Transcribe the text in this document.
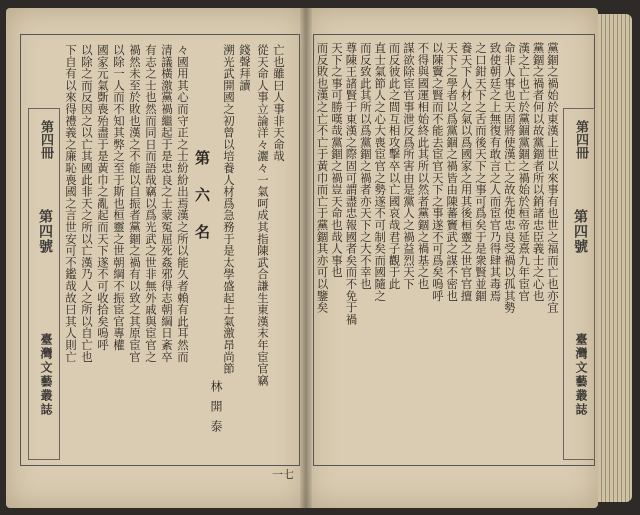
第四冊
第四號
臺灣文藝叢誌
第六名
林開泰
一七
第四冊
第四號
臺灣文藝叢誌
亡也雖曰人事非天命哉
從天命人事立論洋々灑々一氣呵成其指陳武合謙生東漢末年宦官竊
錢聲拜讀
溯光武開國之初曾以培養人材爲急務于是太學盛起士氣激昂尚節
々國用其心而守正之士紛紛出焉漢之所以能久者賴有此耳然而
清議橫激黨禍繼起于是忠良之士蒙冤屈死姦邪得志朝綱日紊卒
有志之士也然而同日而語哉竊以爲光武之世非無外戚與宦官之
禍然未至於敗也漢之不能以自振者黨錮之禍有以致之其原宦官
以除一人而不知其弊之至于斯也桓靈之世朝綱不振宦官專權
國家元氣斲喪殆盡于是黃巾之亂起而天下遂不可收拾矣嗚呼
以除之而反因之以亡其國此非天之所以亡漢乃人之所以自亡也
下自有以來得禮義之廉恥喪國之言世安可不鑑哉故曰其人則亡	黨錮之禍始於東漢上世以來事有也世之福而亡也亦宜
黨錮之禍者何以故黨錮者所以銷諸忠臣義士之心也
漢之亡也亡於黨錮黨錮之禍始於桓帝延熹九年宦官
命非人事也天固將使漢亡之故先使忠良受禍以孤其勢
致使朝廷之上無復有敢言之人而宦官乃得肆其毒焉
之口鉗天下之舌而後天下之事可爲矣于是衆賢並錮
養天下人材之氣以爲國家之用其後桓靈之世官官擅
天下之學者以爲黨錮之禍皆由陳蕃竇武之謀不密也
以陳竇之賢而不能去宦官天下之事遂不可爲矣嗚呼
不得與國運相始終此其所以然者黨錮之禍基之也
謀欲除宦官事泄反爲所害由是黨人之禍益烈天下
而反彼此之間互相攻擊卒以亡國哀哉君子觀于此
直士氣節人之心大喪宦官之勢遂不可制矣而國隨之
而反致此其所以爲黨錮之禍者亦天下之大不幸也
尊陳王諸賢于東漢之際固可謂盡忠報國者矣而不免于禍
天下之事可勝嘆哉黨錮之禍豈天命也哉人事也
而反敗也漢之亡不亡于黃巾而亡于黨錮其亦可以鑒矣
